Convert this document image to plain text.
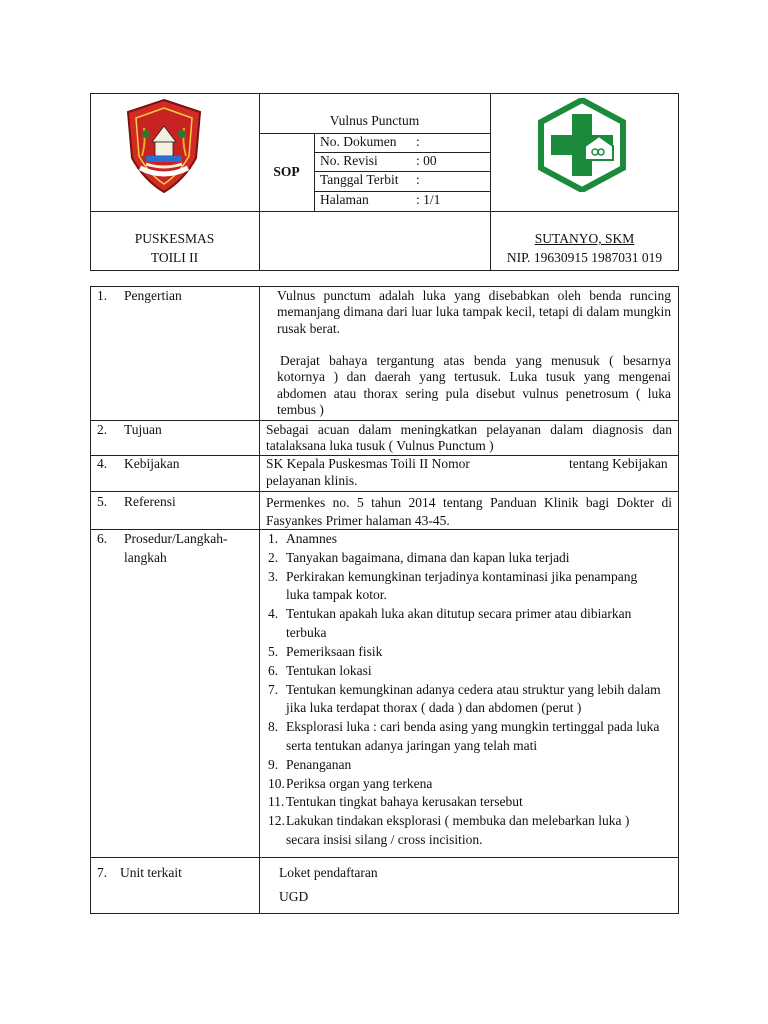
Vulnus Punctum
SOP
No. Dokumen :
No. Revisi	: 00
Tanggal Terbit :
Halaman	: 1/1
PUSKESMAS
TOILI II
SUTANYO, SKM
NIP. 19630915 1987031 019
1. Pengertian	Vulnus punctum adalah luka yang disebabkan oleh benda runcing memanjang dimana dari luar luka tampak kecil, tetapi di dalam mungkin rusak berat.
Derajat bahaya tergantung atas benda yang menusuk ( besarnya kotornya ) dan daerah yang tertusuk. Luka tusuk yang mengenai abdomen atau thorax sering pula disebut vulnus penetrosum ( luka tembus )
2. Tujuan	Sebagai acuan dalam meningkatkan pelayanan dalam diagnosis dan tatalaksana luka tusuk ( Vulnus Punctum )
4. Kebijakan	SK Kepala Puskesmas Toili II Nomor	tentang Kebijakan
pelayanan klinis.
5. Referensi	Permenkes no. 5 tahun 2014 tentang Panduan Klinik bagi Dokter di Fasyankes Primer halaman 43-45.
6. Prosedur/Langkah-
langkah
1. Anamnes
2. Tanyakan bagaimana, dimana dan kapan luka terjadi
3. Perkirakan kemungkinan terjadinya kontaminasi jika penampang
luka tampak kotor.
4. Tentukan apakah luka akan ditutup secara primer atau dibiarkan
terbuka
5. Pemeriksaan fisik
6. Tentukan lokasi
7. Tentukan kemungkinan adanya cedera atau struktur yang lebih dalam
jika luka terdapat thorax ( dada ) dan abdomen (perut )
8. Eksplorasi luka : cari benda asing yang mungkin tertinggal pada luka
serta tentukan adanya jaringan yang telah mati
9. Penanganan
10. Periksa organ yang terkena
11. Tentukan tingkat bahaya kerusakan tersebut
12. Lakukan tindakan eksplorasi ( membuka dan melebarkan luka )
secara insisi silang / cross incisition.
7. Unit terkait	Loket pendaftaran
UGD
